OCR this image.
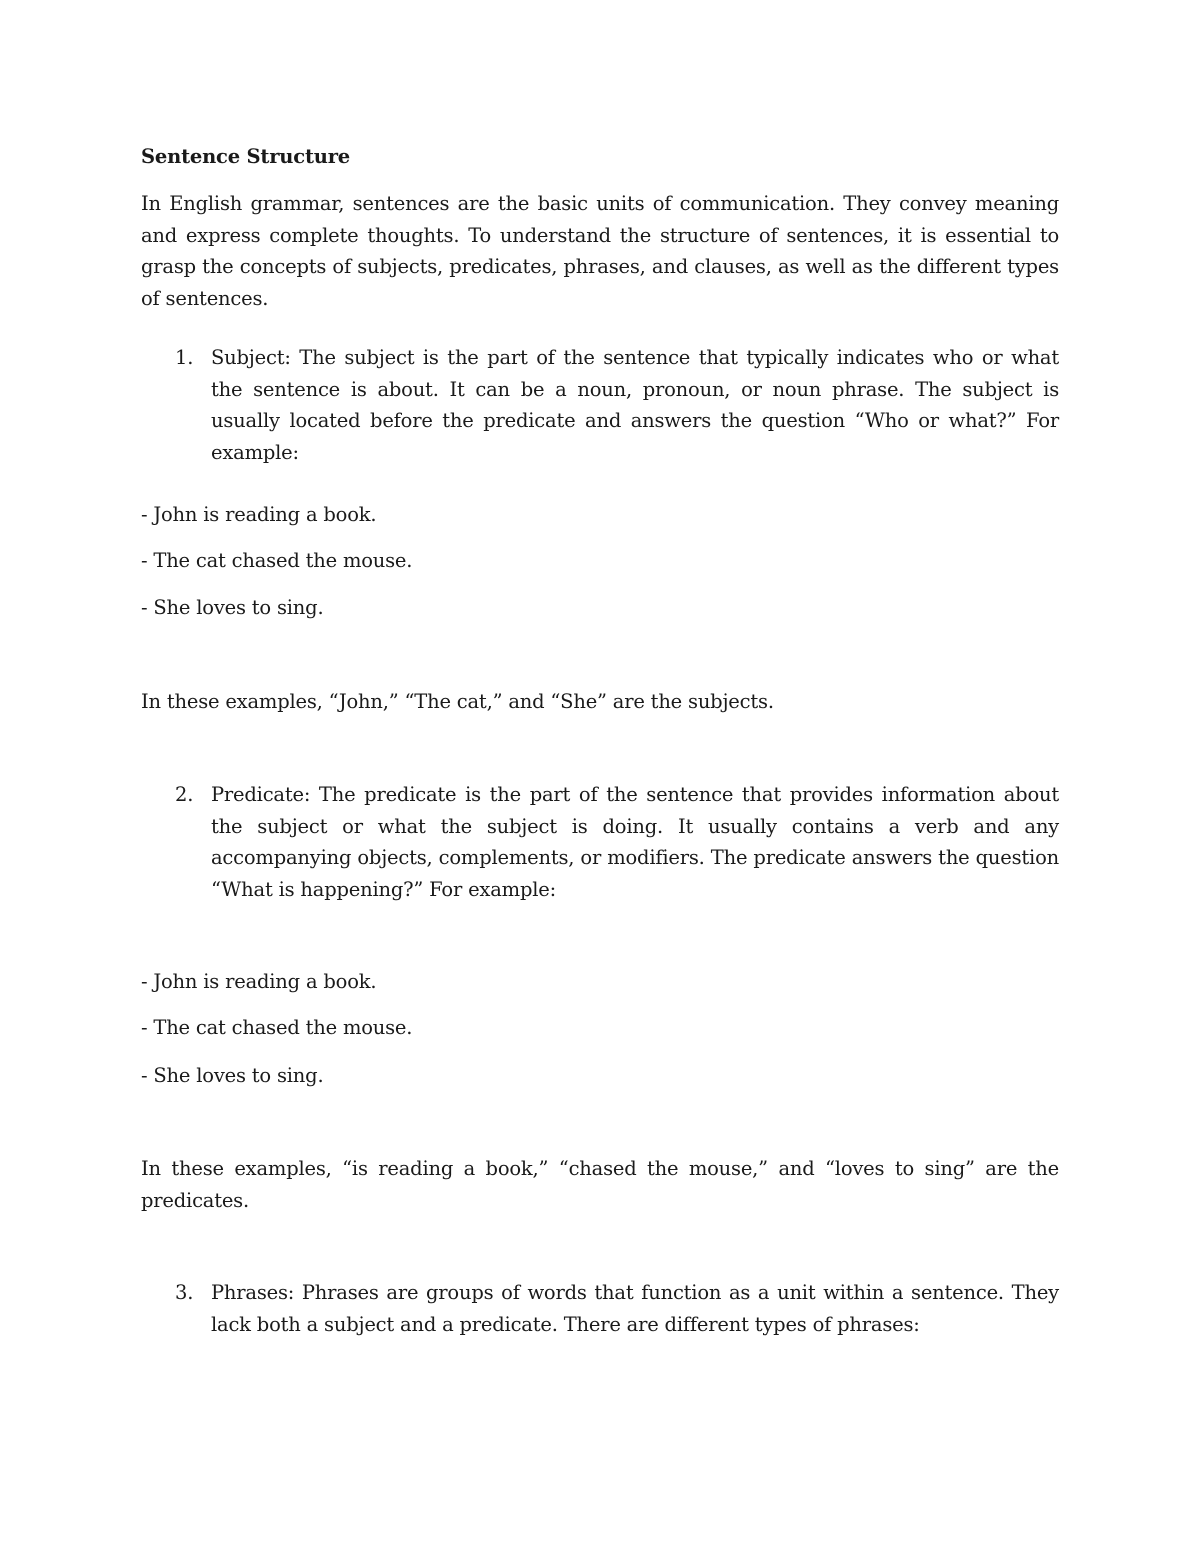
Sentence Structure

In English grammar, sentences are the basic units of communication. They convey meaning and express complete thoughts. To understand the structure of sentences, it is essential to grasp the concepts of subjects, predicates, phrases, and clauses, as well as the different types of sentences.

1. Subject: The subject is the part of the sentence that typically indicates who or what the sentence is about. It can be a noun, pronoun, or noun phrase. The subject is usually located before the predicate and answers the question “Who or what?” For example:

- John is reading a book.

- The cat chased the mouse.

- She loves to sing.

In these examples, “John,” “The cat,” and “She” are the subjects.

2. Predicate: The predicate is the part of the sentence that provides information about the subject or what the subject is doing. It usually contains a verb and any accompanying objects, complements, or modifiers. The predicate answers the question “What is happening?” For example:

- John is reading a book.

- The cat chased the mouse.

- She loves to sing.

In these examples, “is reading a book,” “chased the mouse,” and “loves to sing” are the predicates.

3. Phrases: Phrases are groups of words that function as a unit within a sentence. They lack both a subject and a predicate. There are different types of phrases:
